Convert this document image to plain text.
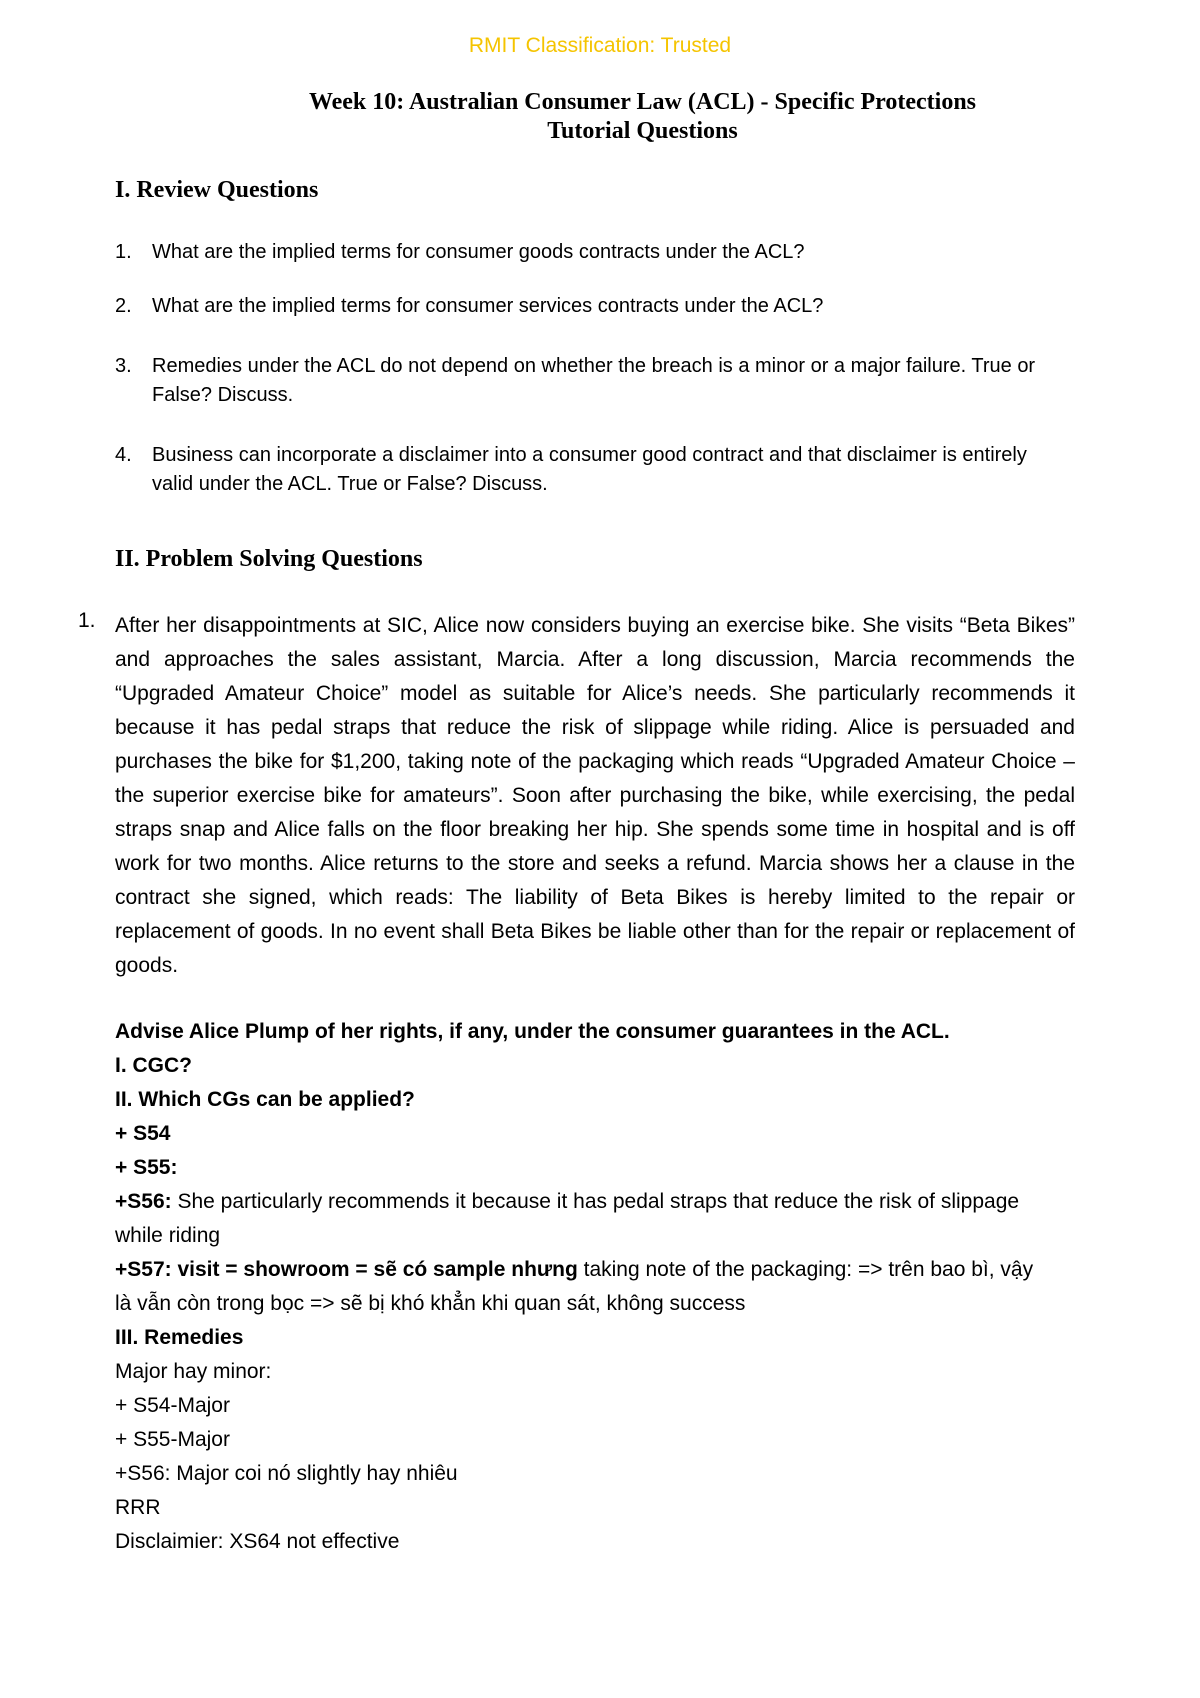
RMIT Classification: Trusted
Week 10: Australian Consumer Law (ACL) - Specific Protections
Tutorial Questions
I. Review Questions
1. What are the implied terms for consumer goods contracts under the ACL?
2. What are the implied terms for consumer services contracts under the ACL?
3. Remedies under the ACL do not depend on whether the breach is a minor or a major failure. True or False? Discuss.
4. Business can incorporate a disclaimer into a consumer good contract and that disclaimer is entirely valid under the ACL. True or False? Discuss.
II. Problem Solving Questions
1. After her disappointments at SIC, Alice now considers buying an exercise bike. She visits “Beta Bikes” and approaches the sales assistant, Marcia. After a long discussion, Marcia recommends the “Upgraded Amateur Choice” model as suitable for Alice’s needs. She particularly recommends it because it has pedal straps that reduce the risk of slippage while riding. Alice is persuaded and purchases the bike for $1,200, taking note of the packaging which reads “Upgraded Amateur Choice –the superior exercise bike for amateurs”. Soon after purchasing the bike, while exercising, the pedal straps snap and Alice falls on the floor breaking her hip. She spends some time in hospital and is off work for two months. Alice returns to the store and seeks a refund. Marcia shows her a clause in the contract she signed, which reads: The liability of Beta Bikes is hereby limited to the repair or replacement of goods. In no event shall Beta Bikes be liable other than for the repair or replacement of goods.

Advise Alice Plump of her rights, if any, under the consumer guarantees in the ACL.
I. CGC?
II. Which CGs can be applied?
+ S54
+ S55:
+S56: She particularly recommends it because it has pedal straps that reduce the risk of slippage
while riding
+S57: visit = showroom = sẽ có sample nhưng taking note of the packaging: => trên bao bì, vậy
là vẫn còn trong bọc => sẽ bị khó khẳn khi quan sát, không success
III. Remedies
Major hay minor:
+ S54-Major
+ S55-Major
+S56: Major coi nó slightly hay nhiêu
RRR
Disclaimier: XS64 not effective
